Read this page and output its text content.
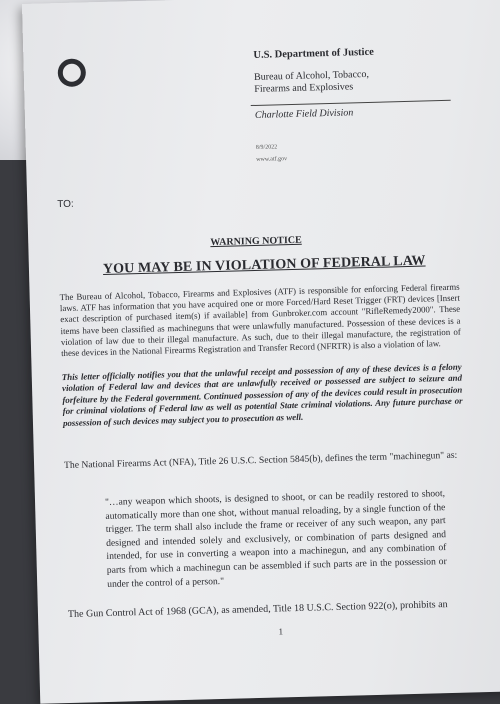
U.S. Department of Justice
Bureau of Alcohol, Tobacco, Firearms and Explosives
Charlotte Field Division
8/9/2022
www.atf.gov
TO:
WARNING NOTICE
YOU MAY BE IN VIOLATION OF FEDERAL LAW
The Bureau of Alcohol, Tobacco, Firearms and Explosives (ATF) is responsible for enforcing Federal firearms laws. ATF has information that you have acquired one or more Forced/Hard Reset Trigger (FRT) devices [Insert exact description of purchased item(s) if available] from Gunbroker.com account "RifleRemedy2000". These items have been classified as machineguns that were unlawfully manufactured. Possession of these devices is a violation of law due to their illegal manufacture. As such, due to their illegal manufacture, the registration of these devices in the National Firearms Registration and Transfer Record (NFRTR) is also a violation of law.
This letter officially notifies you that the unlawful receipt and possession of any of these devices is a felony violation of Federal law and devices that are unlawfully received or possessed are subject to seizure and forfeiture by the Federal government. Continued possession of any of the devices could result in prosecution for criminal violations of Federal law as well as potential State criminal violations. Any future purchase or possession of such devices may subject you to prosecution as well.
The National Firearms Act (NFA), Title 26 U.S.C. Section 5845(b), defines the term "machinegun" as:
"…any weapon which shoots, is designed to shoot, or can be readily restored to shoot, automatically more than one shot, without manual reloading, by a single function of the trigger. The term shall also include the frame or receiver of any such weapon, any part designed and intended solely and exclusively, or combination of parts designed and intended, for use in converting a weapon into a machinegun, and any combination of parts from which a machinegun can be assembled if such parts are in the possession or under the control of a person."
The Gun Control Act of 1968 (GCA), as amended, Title 18 U.S.C. Section 922(o), prohibits an
1
